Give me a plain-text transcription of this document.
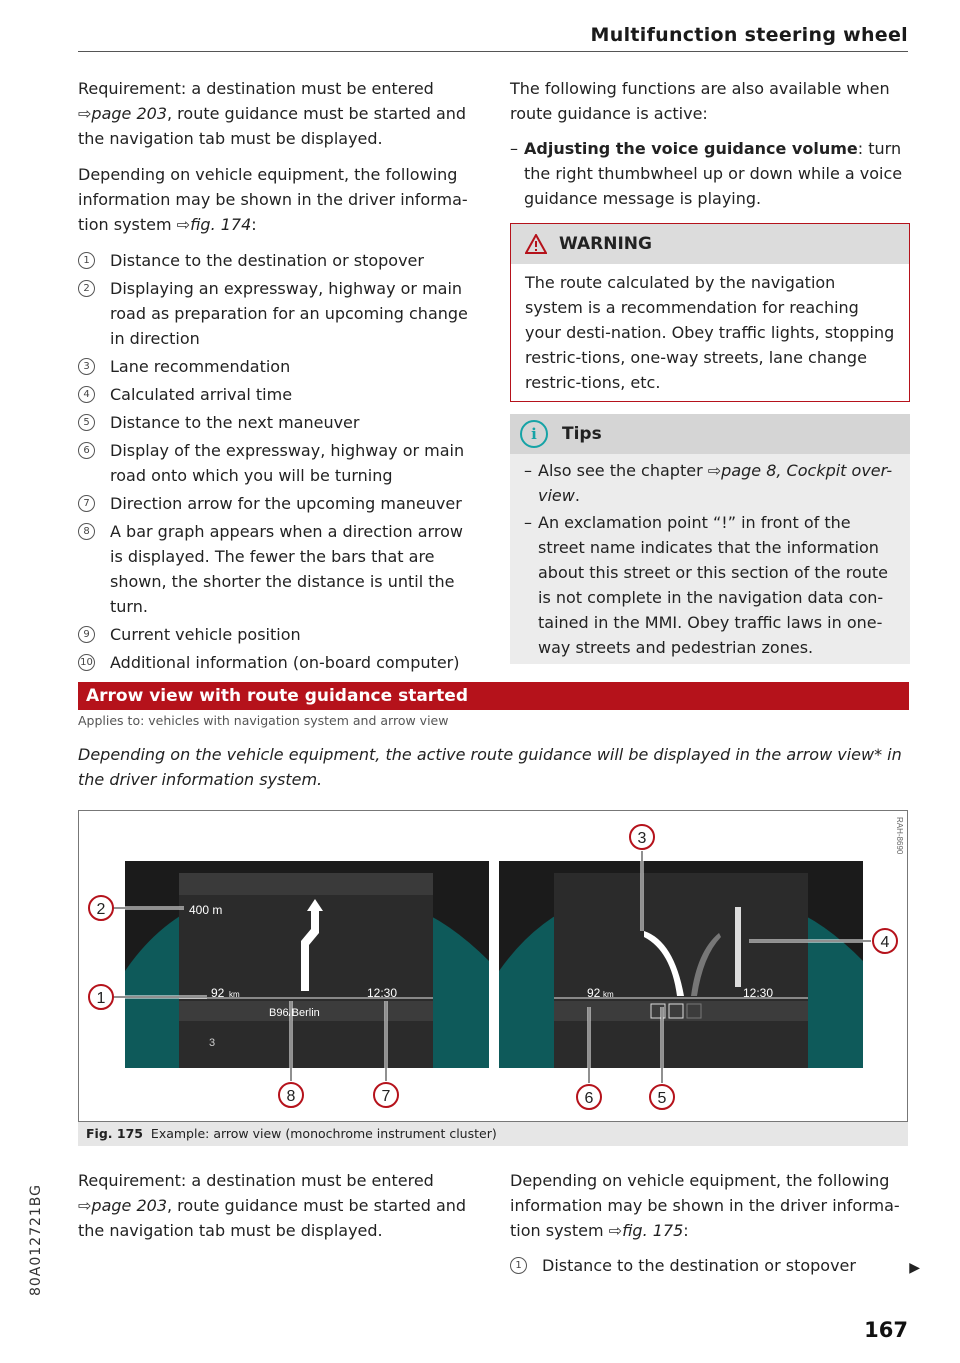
Multifunction steering wheel

Requirement: a destination must be entered
⇨page 203, route guidance must be started and the navigation tab must be displayed.

Depending on vehicle equipment, the following information may be shown in the driver informa-tion system ⇨fig. 174:

1	Distance to the destination or stopover
2	Displaying an expressway, highway or main road as preparation for an upcoming change in direction
3	Lane recommendation
4	Calculated arrival time
5	Distance to the next maneuver
6	Display of the expressway, highway or main road onto which you will be turning
7	Direction arrow for the upcoming maneuver
8	A bar graph appears when a direction arrow is displayed. The fewer the bars that are shown, the shorter the distance is until the turn.
9	Current vehicle position
10 Additional information (on-board computer)

The following functions are also available when route guidance is active:

– Adjusting the voice guidance volume: turn the right thumbwheel up or down while a voice guidance message is playing.
WARNING
The route calculated by the navigation system is a recommendation for reaching your desti-nation. Obey traffic lights, stopping restric-tions, one-way streets, lane change restric-tions, etc.
i	Tips
– Also see the chapter ⇨page 8, Cockpit over-view.
– An exclamation point “!” in front of the street name indicates that the information about this street or this section of the route is not complete in the navigation data con-tained in the MMI. Obey traffic laws in one-way streets and pedestrian zones.
Arrow view with route guidance started
Applies to: vehicles with navigation system and arrow view
Depending on the vehicle equipment, the active route guidance will be displayed in the arrow view* in the driver information system.
400 m
92 km	12:30
B96/Berlin
3
92 km	12:30
2
1
8	7
3
4
6	5
RAH-8690
Fig. 175 Example: arrow view (monochrome instrument cluster)
Requirement: a destination must be entered
⇨page 203, route guidance must be started and the navigation tab must be displayed.

Depending on vehicle equipment, the following information may be shown in the driver informa-tion system ⇨fig. 175:

1	Distance to the destination or stopover	▶
167
80A012721BG
